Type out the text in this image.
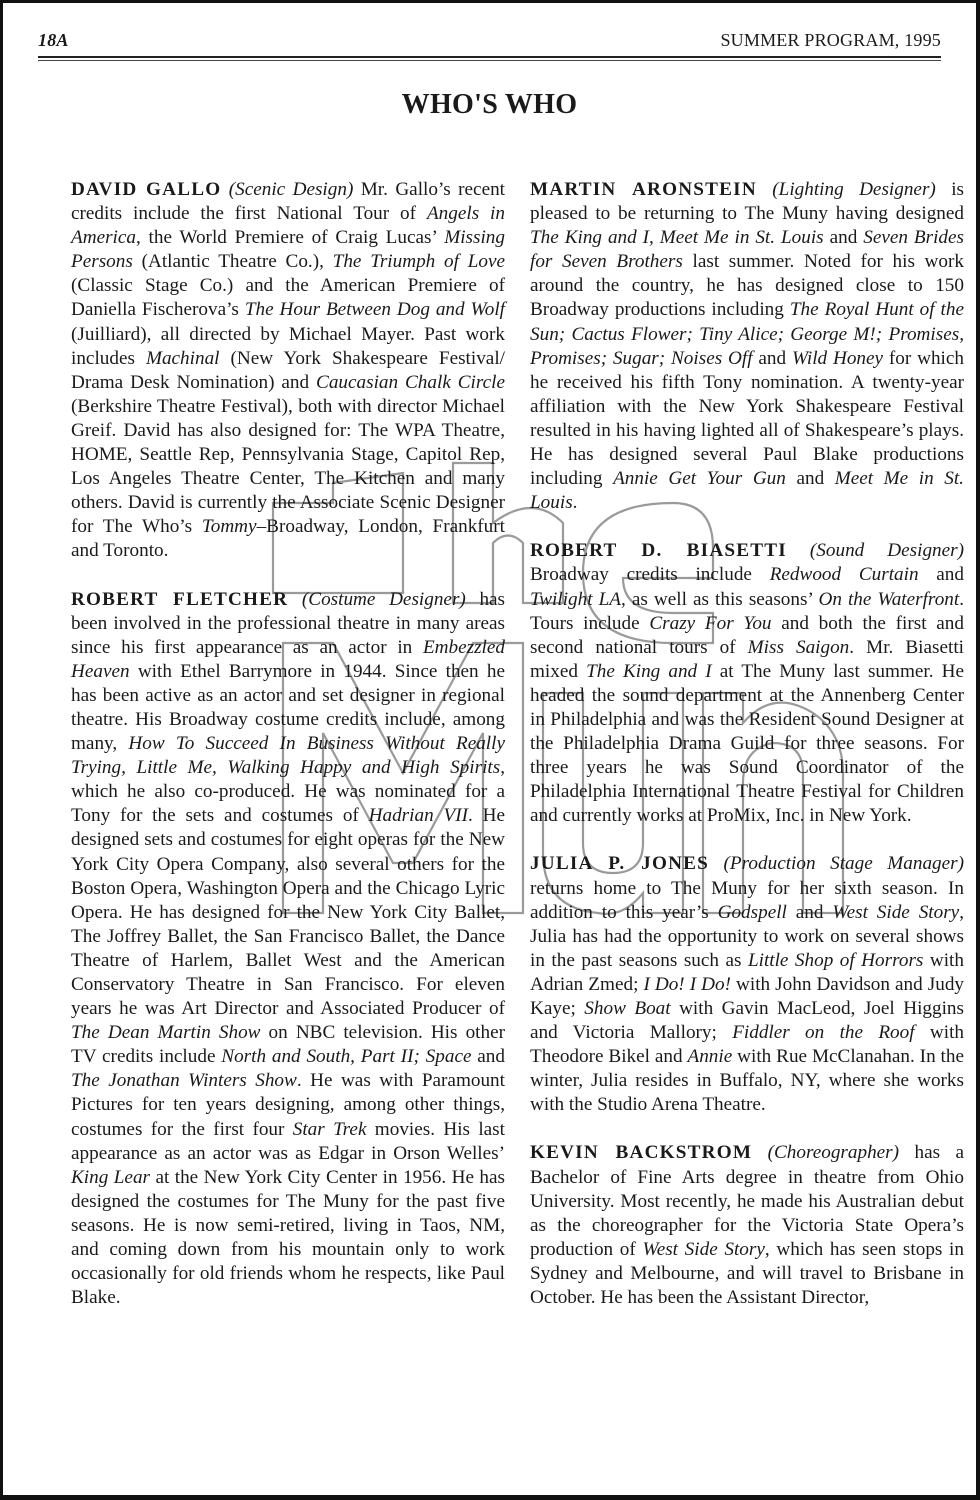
18A	SUMMER PROGRAM, 1995
WHO'S WHO

DAVID GALLO (Scenic Design) Mr. Gallo’s recent credits include the first National Tour of Angels in America, the World Premiere of Craig Lucas’ Missing Persons (Atlantic Theatre Co.), The Triumph of Love (Classic Stage Co.) and the American Premiere of Daniella Fischerova’s The Hour Between Dog and Wolf (Juilliard), all directed by Michael Mayer. Past work includes Machinal (New York Shakespeare Festival/ Drama Desk Nomination) and Caucasian Chalk Circle (Berkshire Theatre Festival), both with director Michael Greif. David has also designed for: The WPA Theatre, HOME, Seattle Rep, Pennsylvania Stage, Capitol Rep, Los Angeles Theatre Center, The Kitchen and many others. David is currently the Associate Scenic Designer for The Who’s Tommy–Broadway, London, Frankfurt and Toronto.

ROBERT FLETCHER (Costume Designer) has been involved in the professional theatre in many areas since his first appearance as an actor in Embezzled Heaven with Ethel Barrymore in 1944. Since then he has been active as an actor and set designer in regional theatre. His Broadway costume credits include, among many, How To Succeed In Business Without Really Trying, Little Me, Walking Happy and High Spirits, which he also co-produced. He was nominated for a Tony for the sets and costumes of Hadrian VII. He designed sets and costumes for eight operas for the New York City Opera Company, also several others for the Boston Opera, Washington Opera and the Chicago Lyric Opera. He has designed for the New York City Ballet, The Joffrey Ballet, the San Francisco Ballet, the Dance Theatre of Harlem, Ballet West and the American Conservatory Theatre in San Francisco. For eleven years he was Art Director and Associated Producer of The Dean Martin Show on NBC television. His other TV credits include North and South, Part II; Space and The Jonathan Winters Show. He was with Paramount Pictures for ten years designing, among other things, costumes for the first four Star Trek movies. His last appearance as an actor was as Edgar in Orson Welles’ King Lear at the New York City Center in 1956. He has designed the costumes for The Muny for the past five seasons. He is now semi-retired, living in Taos, NM, and coming down from his mountain only to work occasionally for old friends whom he respects, like Paul Blake.

MARTIN ARONSTEIN (Lighting Designer) is pleased to be returning to The Muny having designed The King and I, Meet Me in St. Louis and Seven Brides for Seven Brothers last summer. Noted for his work around the country, he has designed close to 150 Broadway productions including The Royal Hunt of the Sun; Cactus Flower; Tiny Alice; George M!; Promises, Promises; Sugar; Noises Off and Wild Honey for which he received his fifth Tony nomination. A twenty-year affiliation with the New York Shakespeare Festival resulted in his having lighted all of Shakespeare’s plays. He has designed several Paul Blake productions including Annie Get Your Gun and Meet Me in St. Louis.

ROBERT D. BIASETTI (Sound Designer) Broadway credits include Redwood Curtain and Twilight LA, as well as this seasons’ On the Waterfront. Tours include Crazy For You and both the first and second national tours of Miss Saigon. Mr. Biasetti mixed The King and I at The Muny last summer. He headed the sound department at the Annenberg Center in Philadelphia and was the Resident Sound Designer at the Philadelphia Drama Guild for three seasons. For three years he was Sound Coordinator of the Philadelphia International Theatre Festival for Children and currently works at ProMix, Inc. in New York.

JULIA P. JONES (Production Stage Manager) returns home to The Muny for her sixth season. In addition to this year’s Godspell and West Side Story, Julia has had the opportunity to work on several shows in the past seasons such as Little Shop of Horrors with Adrian Zmed; I Do! I Do! with John Davidson and Judy Kaye; Show Boat with Gavin MacLeod, Joel Higgins and Victoria Mallory; Fiddler on the Roof with Theodore Bikel and Annie with Rue McClanahan. In the winter, Julia resides in Buffalo, NY, where she works with the Studio Arena Theatre.

KEVIN BACKSTROM (Choreographer) has a Bachelor of Fine Arts degree in theatre from Ohio University. Most recently, he made his Australian debut as the choreographer for the Victoria State Opera’s production of West Side Story, which has seen stops in Sydney and Melbourne, and will travel to Brisbane in October. He has been the Assistant Director,
